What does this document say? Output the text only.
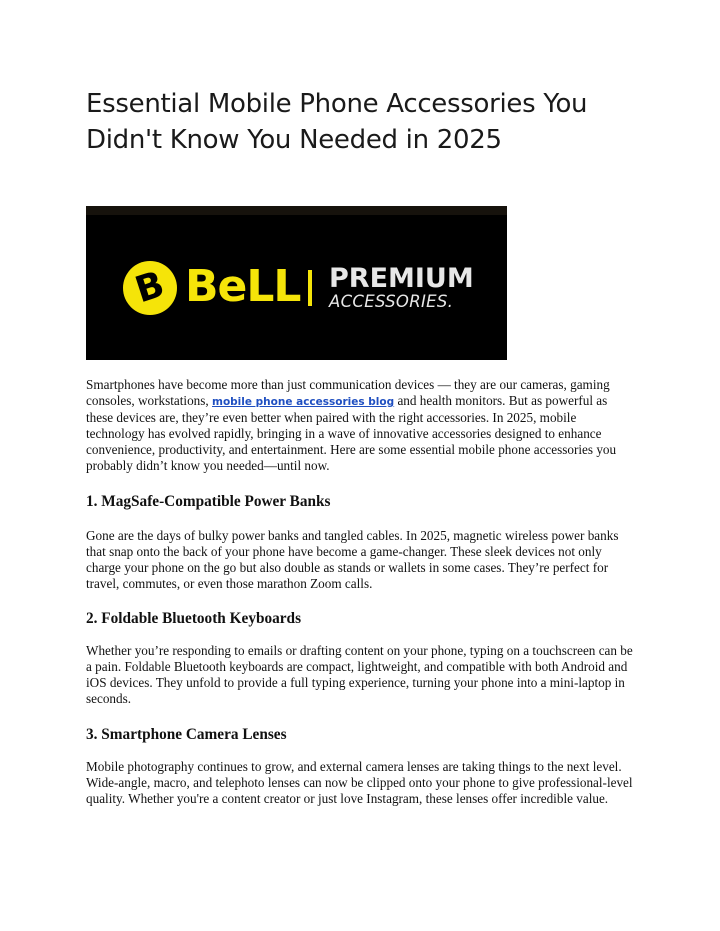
Essential Mobile Phone Accessories You Didn't Know You Needed in 2025
B BeLL PREMIUM
ACCESSORIES.

Smartphones have become more than just communication devices — they are our cameras, gaming consoles, workstations, mobile phone accessories blog and health monitors. But as powerful as these devices are, they’re even better when paired with the right accessories. In 2025, mobile technology has evolved rapidly, bringing in a wave of innovative accessories designed to enhance convenience, productivity, and entertainment. Here are some essential mobile phone accessories you probably didn’t know you needed—until now.

1. MagSafe-Compatible Power Banks

Gone are the days of bulky power banks and tangled cables. In 2025, magnetic wireless power banks that snap onto the back of your phone have become a game-changer. These sleek devices not only charge your phone on the go but also double as stands or wallets in some cases. They’re perfect for travel, commutes, or even those marathon Zoom calls.

2. Foldable Bluetooth Keyboards

Whether you’re responding to emails or drafting content on your phone, typing on a touchscreen can be a pain. Foldable Bluetooth keyboards are compact, lightweight, and compatible with both Android and iOS devices. They unfold to provide a full typing experience, turning your phone into a mini-laptop in seconds.

3. Smartphone Camera Lenses

Mobile photography continues to grow, and external camera lenses are taking things to the next level. Wide-angle, macro, and telephoto lenses can now be clipped onto your phone to give professional-level quality. Whether you're a content creator or just love Instagram, these lenses offer incredible value.
